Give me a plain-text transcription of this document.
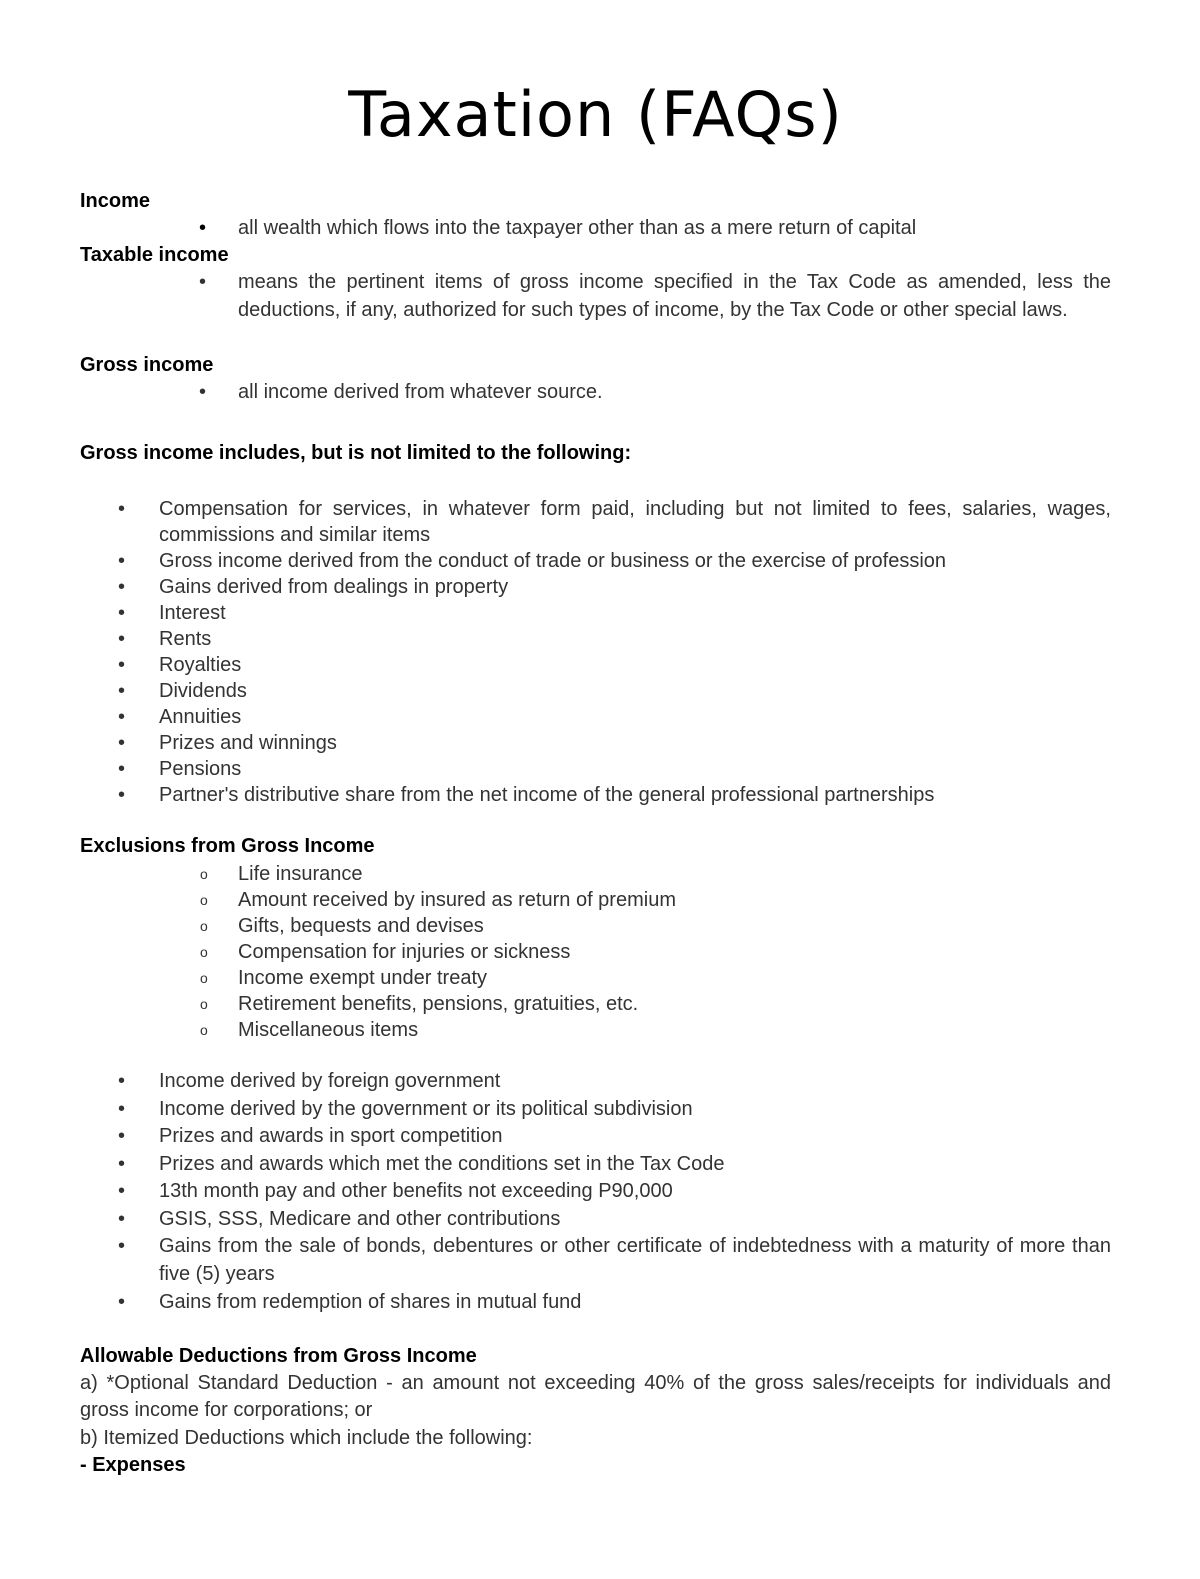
Taxation (FAQs)

Income

• all wealth which flows into the taxpayer other than as a mere return of capital

Taxable income

• means the pertinent items of gross income specified in the Tax Code as amended, less the deductions, if any, authorized for such types of income, by the Tax Code or other special laws.

Gross income

• all income derived from whatever source.

Gross income includes, but is not limited to the following:

• Compensation for services, in whatever form paid, including but not limited to fees, salaries, wages, commissions and similar items
• Gross income derived from the conduct of trade or business or the exercise of profession
• Gains derived from dealings in property
• Interest
• Rents
• Royalties
• Dividends
• Annuities
• Prizes and winnings
• Pensions
• Partner's distributive share from the net income of the general professional partnerships

Exclusions from Gross Income

o Life insurance
o Amount received by insured as return of premium
o Gifts, bequests and devises
o Compensation for injuries or sickness
o Income exempt under treaty
o Retirement benefits, pensions, gratuities, etc.
o Miscellaneous items
• Income derived by foreign government
• Income derived by the government or its political subdivision
• Prizes and awards in sport competition
• Prizes and awards which met the conditions set in the Tax Code
• 13th month pay and other benefits not exceeding P90,000
• GSIS, SSS, Medicare and other contributions
• Gains from the sale of bonds, debentures or other certificate of indebtedness with a maturity of more than five (5) years
• Gains from redemption of shares in mutual fund

Allowable Deductions from Gross Income

a) *Optional Standard Deduction - an amount not exceeding 40% of the gross sales/receipts for individuals and gross income for corporations; or

b) Itemized Deductions which include the following:

- Expenses
